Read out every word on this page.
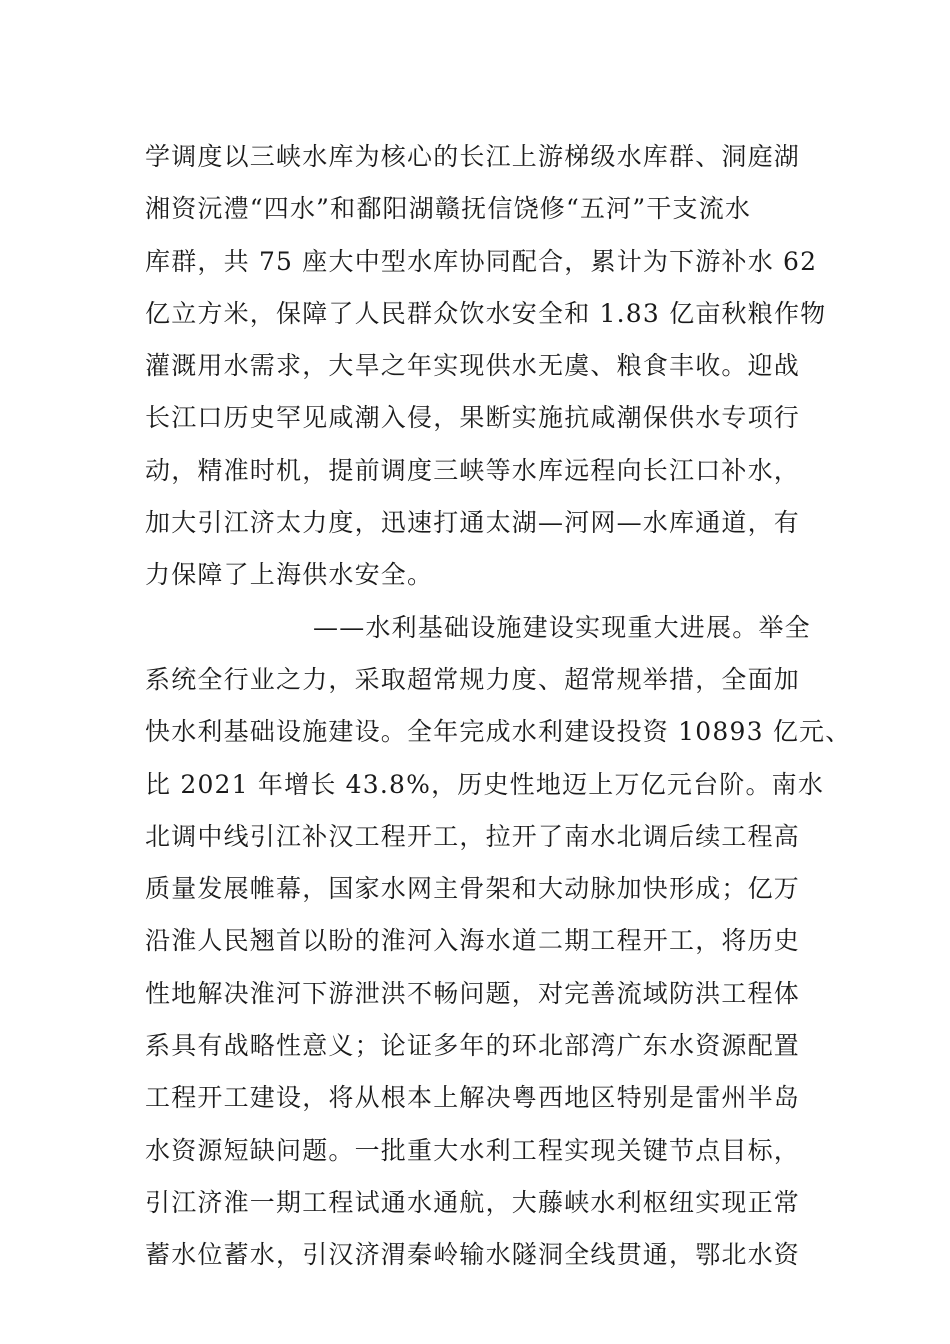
学调度以三峡水库为核心的长江上游梯级水库群、洞庭湖
湘资沅澧“四水”和鄱阳湖赣抚信饶修“五河”干支流水
库群，共 75 座大中型水库协同配合，累计为下游补水 62
亿立方米，保障了人民群众饮水安全和 1.83 亿亩秋粮作物
灌溉用水需求，大旱之年实现供水无虞、粮食丰收。迎战
长江口历史罕见咸潮入侵，果断实施抗咸潮保供水专项行
动，精准时机，提前调度三峡等水库远程向长江口补水，
加大引江济太力度，迅速打通太湖—河网—水库通道，有
力保障了上海供水安全。
——水利基础设施建设实现重大进展。举全
系统全行业之力，采取超常规力度、超常规举措，全面加
快水利基础设施建设。全年完成水利建设投资 10893 亿元、
比 2021 年增长 43.8%，历史性地迈上万亿元台阶。南水
北调中线引江补汉工程开工，拉开了南水北调后续工程高
质量发展帷幕，国家水网主骨架和大动脉加快形成；亿万
沿淮人民翘首以盼的淮河入海水道二期工程开工，将历史
性地解决淮河下游泄洪不畅问题，对完善流域防洪工程体
系具有战略性意义；论证多年的环北部湾广东水资源配置
工程开工建设，将从根本上解决粤西地区特别是雷州半岛
水资源短缺问题。一批重大水利工程实现关键节点目标，
引江济淮一期工程试通水通航，大藤峡水利枢纽实现正常
蓄水位蓄水，引汉济渭秦岭输水隧洞全线贯通，鄂北水资
